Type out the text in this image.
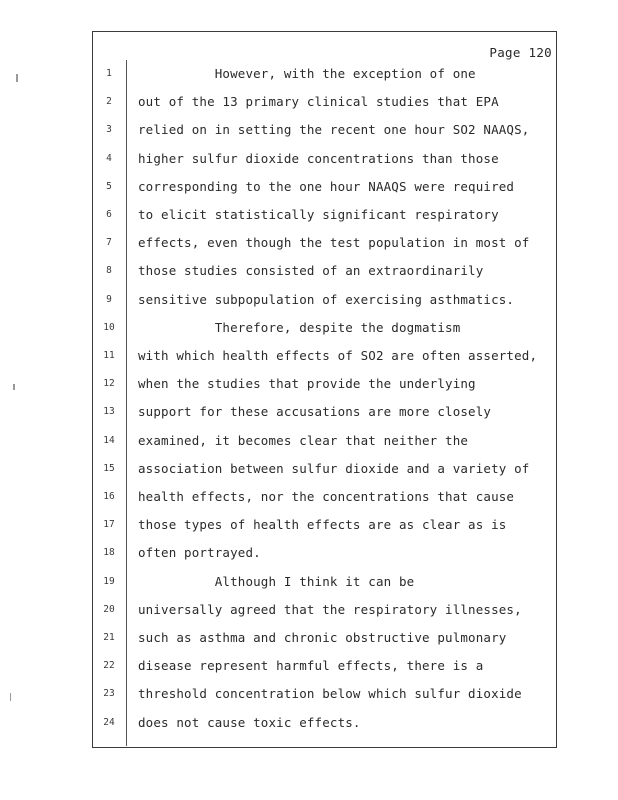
Page 120
1	However, with the exception of one
2	out of the 13 primary clinical studies that EPA
3	relied on in setting the recent one hour SO2 NAAQS,
4	higher sulfur dioxide concentrations than those
5	corresponding to the one hour NAAQS were required
6	to elicit statistically significant respiratory
7	effects, even though the test population in most of
8	those studies consisted of an extraordinarily
9	sensitive subpopulation of exercising asthmatics.
10 Therefore, despite the dogmatism
11 with which health effects of SO2 are often asserted,
12 when the studies that provide the underlying
13 support for these accusations are more closely
14 examined, it becomes clear that neither the
15 association between sulfur dioxide and a variety of
16 health effects, nor the concentrations that cause
17 those types of health effects are as clear as is
18 often portrayed.
19 Although I think it can be
20 universally agreed that the respiratory illnesses,
21 such as asthma and chronic obstructive pulmonary
22 disease represent harmful effects, there is a
23 threshold concentration below which sulfur dioxide
24 does not cause toxic effects.
